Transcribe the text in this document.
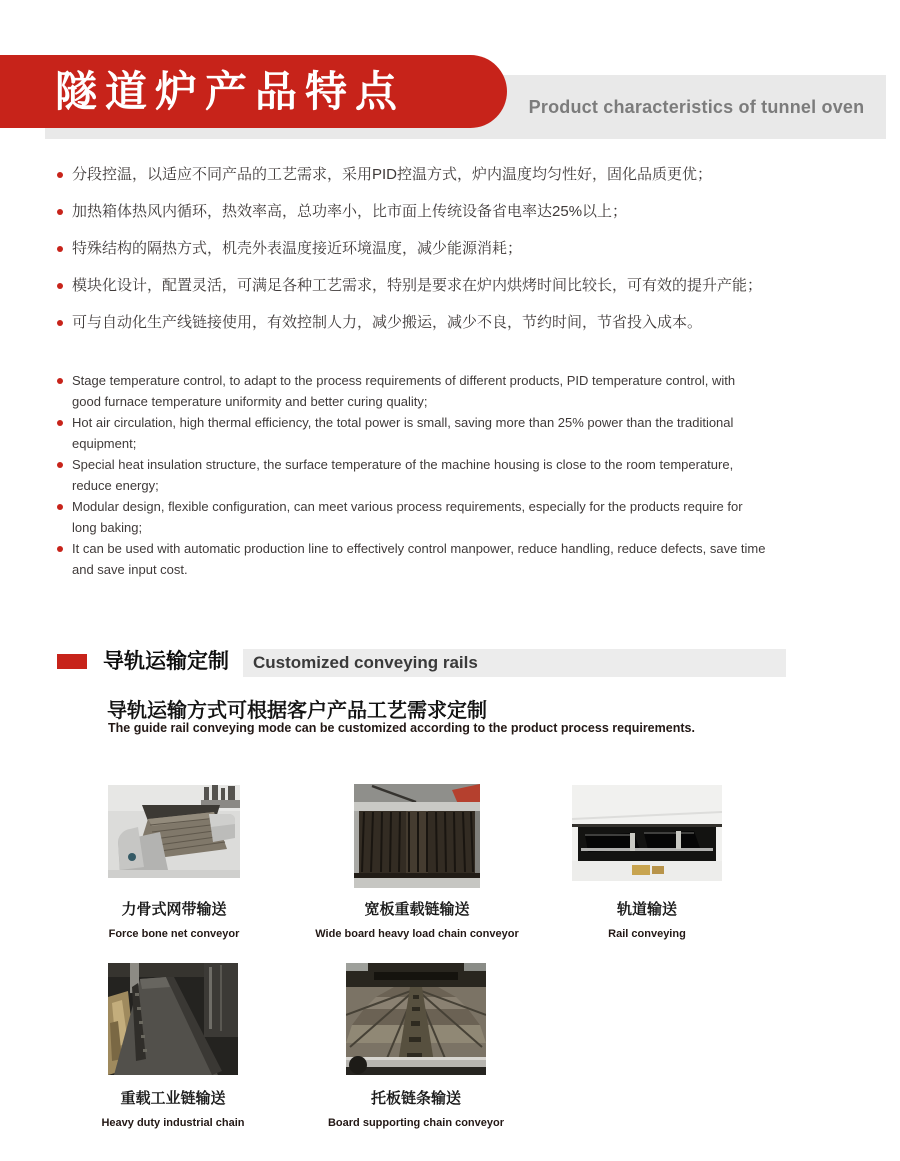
Product characteristics of tunnel oven
隧道炉产品特点
分段控温，以适应不同产品的工艺需求，采用PID控温方式，炉内温度均匀性好，固化品质更优；
加热箱体热风内循环，热效率高，总功率小，比市面上传统设备省电率达25%以上；
特殊结构的隔热方式，机壳外表温度接近环境温度，减少能源消耗；
模块化设计，配置灵活，可满足各种工艺需求，特别是要求在炉内烘烤时间比较长，可有效的提升产能；
可与自动化生产线链接使用，有效控制人力，减少搬运，减少不良，节约时间，节省投入成本。
Stage temperature control, to adapt to the process requirements of different products, PID temperature control, with good furnace temperature uniformity and better curing quality;
Hot air circulation, high thermal efficiency, the total power is small, saving more than 25% power than the traditional equipment;
Special heat insulation structure, the surface temperature of the machine housing is close to the room temperature, reduce energy;
Modular design, flexible configuration, can meet various process requirements, especially for the products require for long baking;
It can be used with automatic production line to effectively control manpower, reduce handling, reduce defects, save time and save input cost.
导轨运输定制	Customized conveying rails
导轨运输方式可根据客户产品工艺需求定制

The guide rail conveying mode can be customized according to the product process requirements.

力骨式网带输送
Force bone net conveyor
宽板重载链输送
Wide board heavy load chain conveyor
轨道输送
Rail conveying
重载工业链输送
Heavy duty industrial chain
托板链条输送
Board supporting chain conveyor
